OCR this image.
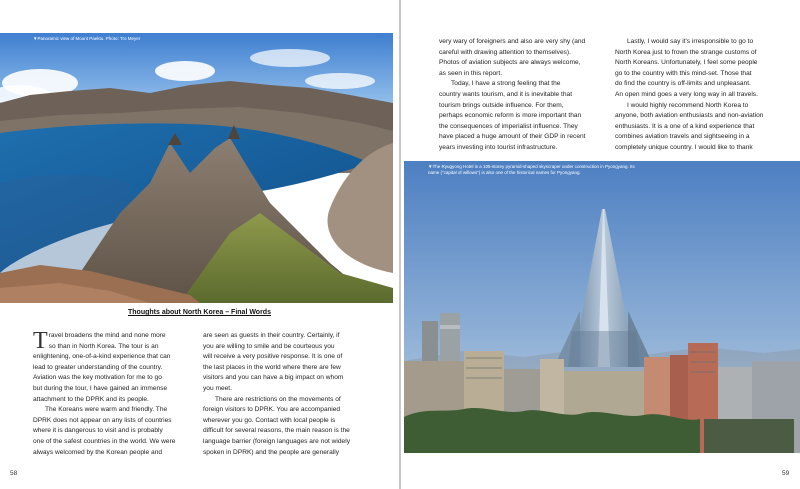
▼Panoramic view of Mount Paektu. Photo: Tro Meyer
Thoughts about North Korea – Final Words
T ravel broadens the mind and none more
so than in North Korea. The tour is an
enlightening, one-of-a-kind experience that can
lead to greater understanding of the country.
Aviation was the key motivation for me to go
but during the tour, I have gained an immense
attachment to the DPRK and its people.
The Koreans were warm and friendly. The
DPRK does not appear on any lists of countries
where it is dangerous to visit and is probably
one of the safest countries in the world. We were
always welcomed by the Korean people and
are seen as guests in their country. Certainly, if
you are willing to smile and be courteous you
will receive a very positive response. It is one of
the last places in the world where there are few
visitors and you can have a big impact on whom
you meet.
There are restrictions on the movements of
foreign visitors to DPRK. You are accompanied
wherever you go. Contact with local people is
difficult for several reasons, the main reason is the
language barrier (foreign languages are not widely
spoken in DPRK) and the people are generally
58
very wary of foreigners and also are very shy (and
careful with drawing attention to themselves).
Photos of aviation subjects are always welcome,
as seen in this report.
Today, I have a strong feeling that the
country wants tourism, and it is inevitable that
tourism brings outside influence. For them,
perhaps economic reform is more important than
the consequences of imperialist influence. They
have placed a huge amount of their GDP in recent
years investing into tourist infrastructure.
Lastly, I would say it's irresponsible to go to
North Korea just to frown the strange customs of
North Koreans. Unfortunately, I feel some people
go to the country with this mind-set. Those that
do find the country is off-limits and unpleasant.
An open mind goes a very long way in all travels.
I would highly recommend North Korea to
anyone, both aviation enthusiasts and non-aviation
enthusiasts. It is a one of a kind experience that
combines aviation travels and sightseeing in a
completely unique country. I would like to thank
▼The Ryugyong Hotel is a 105-storey pyramid-shaped skyscraper under construction in Pyongyang. Its
name ("capital of willows") is also one of the historical names for Pyongyang.
59
